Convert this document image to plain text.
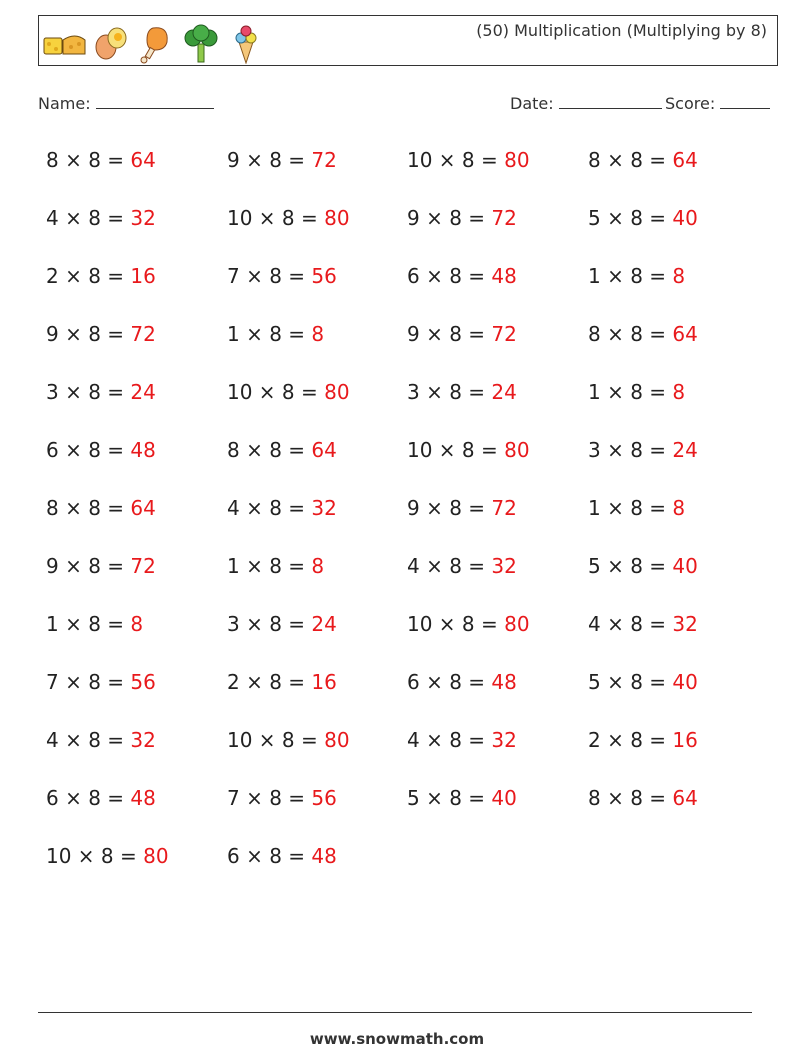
(50) Multiplication (Multiplying by 8)
Name:	Date:	Score:
8 × 8 = 64
4 × 8 = 32
2 × 8 = 16
9 × 8 = 72
3 × 8 = 24
6 × 8 = 48
8 × 8 = 64
9 × 8 = 72
1 × 8 = 8
7 × 8 = 56
4 × 8 = 32
6 × 8 = 48
10 × 8 = 80
9 × 8 = 72
10 × 8 = 80
7 × 8 = 56
1 × 8 = 8
10 × 8 = 80
8 × 8 = 64
4 × 8 = 32
1 × 8 = 8
3 × 8 = 24
2 × 8 = 16
10 × 8 = 80
7 × 8 = 56
6 × 8 = 48
10 × 8 = 80
9 × 8 = 72
6 × 8 = 48
9 × 8 = 72
3 × 8 = 24
10 × 8 = 80
9 × 8 = 72
4 × 8 = 32
10 × 8 = 80
6 × 8 = 48
4 × 8 = 32
5 × 8 = 40
8 × 8 = 64
5 × 8 = 40
1 × 8 = 8
8 × 8 = 64
1 × 8 = 8
3 × 8 = 24
1 × 8 = 8
5 × 8 = 40
4 × 8 = 32
5 × 8 = 40
2 × 8 = 16
8 × 8 = 64
www.snowmath.com
